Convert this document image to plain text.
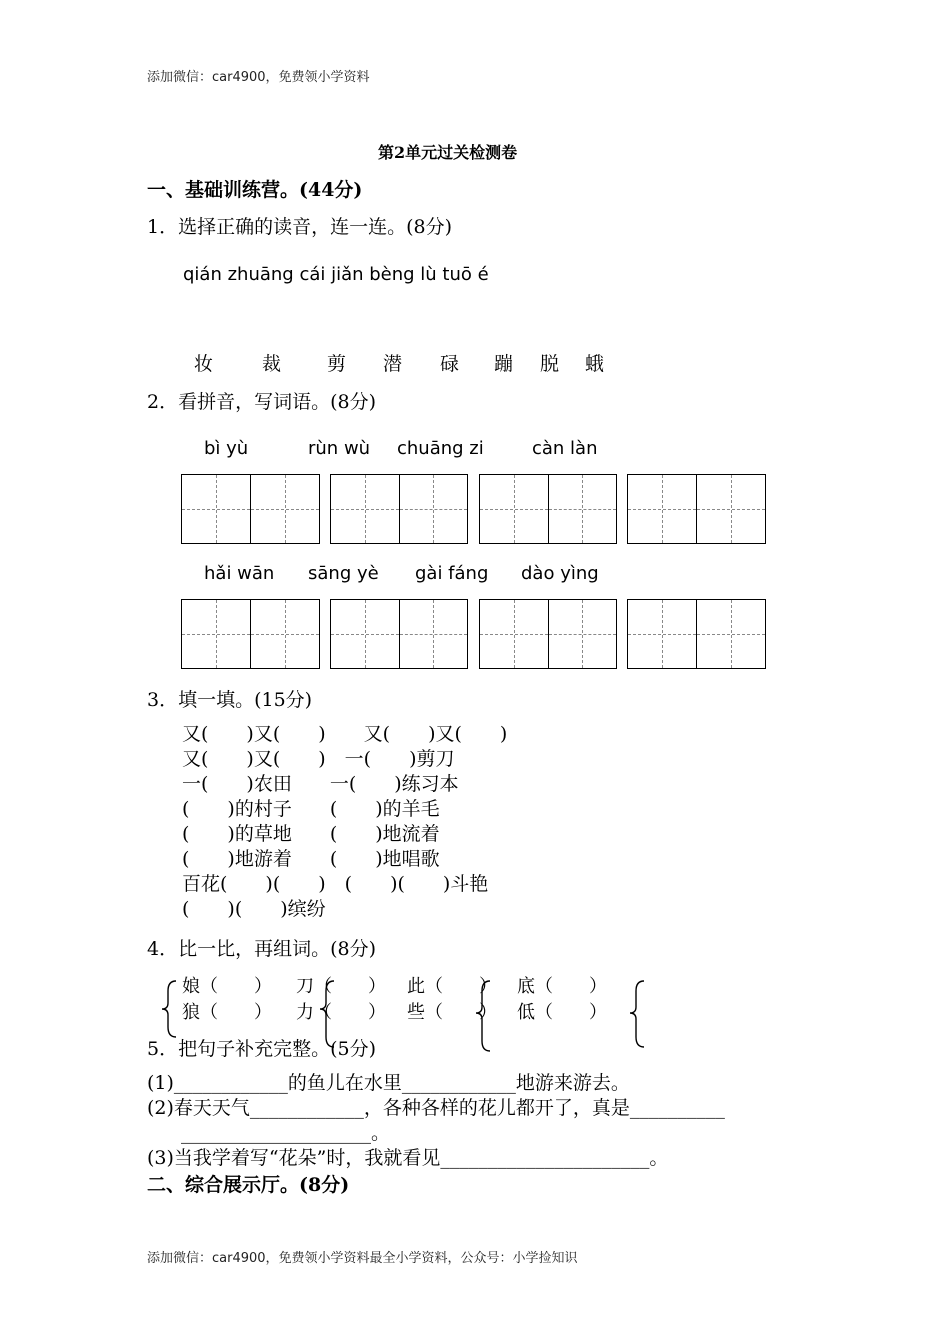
添加微信：car4900，免费领小学资料
第2单元过关检测卷
一、基础训练营。(44分)
1．选择正确的读音，连一连。(8分)
qián zhuāng cái jiǎn bèng lù tuō é
妆	裁 剪 潜 碌 蹦 脱 蛾
2．看拼音，写词语。(8分)
bì yù	rùn wù chuāng zi	càn làn
hǎi wān sāng yè gài fáng dào yìng
3．填一填。(15分)
又(　　)又(　　)　　又(　　)又(　　)
又(　　)又(　　)　一(　　)剪刀
一(　　)农田　　一(　　)练习本
(　　)的村子　　(　　)的羊毛
(　　)的草地　　(　　)地流着
(　　)地游着　　(　　)地唱歌
百花(　　)(　　)　(　　)(　　)斗艳
(　　)(　　)缤纷
4．比一比，再组词。(8分)
娘（　　） 刀（　　） 此（　　） 底（　　）
狼（　　） 力（　　） 些（　　） 低（　　）
5．把句子补充完整。(5分)
(1)____________的鱼儿在水里____________地游来游去。
(2)春天天气____________，各种各样的花儿都开了，真是__________
____________________。
(3)当我学着写“花朵”时，我就看见______________________。
二、综合展示厅。(8分)
添加微信：car4900，免费领小学资料最全小学资料，公众号：小学捡知识
